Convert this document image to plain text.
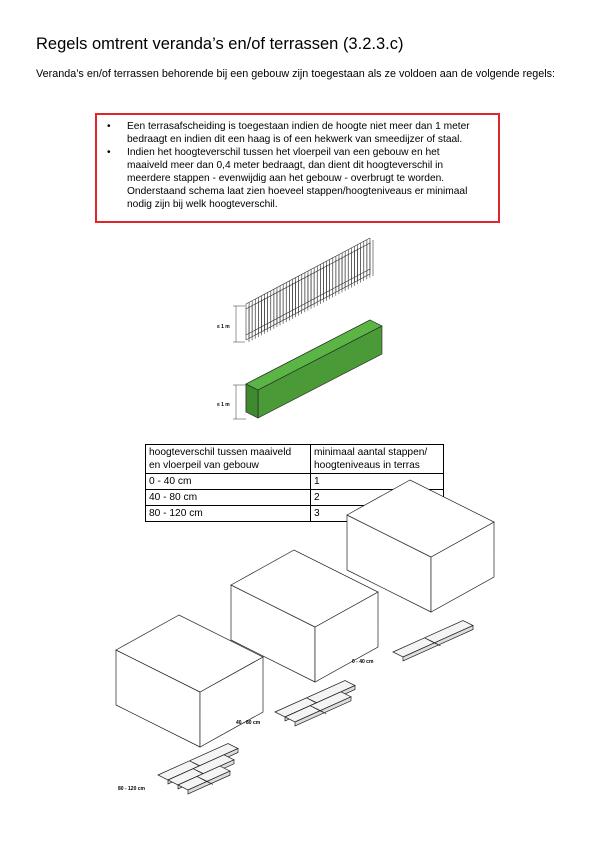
Regels omtrent veranda’s en/of terrassen (3.2.3.c)
Veranda’s en/of terrassen behorende bij een gebouw zijn toegestaan als ze voldoen aan de volgende regels:
• Een terrasafscheiding is toegestaan indien de hoogte niet meer dan 1 meter
bedraagt en indien dit een haag is of een hekwerk van smeedijzer of staal.
• Indien het hoogteverschil tussen het vloerpeil van een gebouw en het
maaiveld meer dan 0,4 meter bedraagt, dan dient dit hoogteverschil in
meerdere stappen - evenwijdig aan het gebouw - overbrugt te worden.
Onderstaand schema laat zien hoeveel stappen/hoogteniveaus er minimaal
nodig zijn bij welk hoogteverschil.
≤ 1 m
≤ 1 m
hoogteverschil tussen maaiveld
en vloerpeil van gebouw	minimaal aantal stappen/
hoogteniveaus in terras
0 - 40 cm	1
40 - 80 cm	2
80 - 120 cm	3
0 - 40 cm
40 - 80 cm
80 - 120 cm
